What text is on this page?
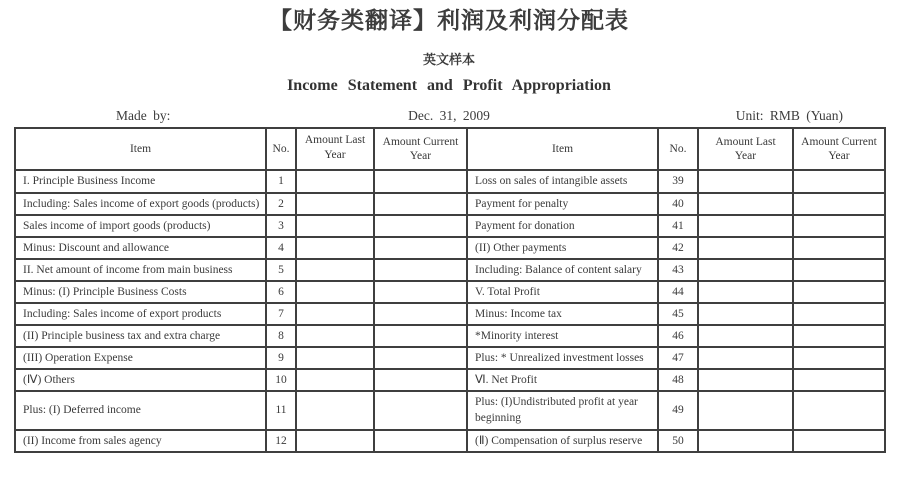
【财务类翻译】利润及利润分配表
英文样本
Income Statement and Profit Appropriation
Made by:	Dec. 31, 2009	Unit: RMB (Yuan)
Item	No.	Amount Last Year	Amount Current Year	Item	No.	Amount Last Year	Amount Current Year
I. Principle Business Income	1			Loss on sales of intangible assets	39		
Including: Sales income of export goods (products)	2			Payment for penalty	40		
Sales income of import goods (products)	3			Payment for donation	41		
Minus: Discount and allowance	4			(II) Other payments	42		
II. Net amount of income from main business	5			Including: Balance of content salary	43		
Minus: (I) Principle Business Costs	6			V. Total Profit	44		
Including: Sales income of export products	7			Minus: Income tax	45		
(II) Principle business tax and extra charge	8			*Minority interest	46		
(III) Operation Expense	9			Plus: * Unrealized investment losses	47		
(Ⅳ) Others	10			Ⅵ. Net Profit	48		
Plus: (I) Deferred income	11			Plus: (I)Undistributed profit at year beginning	49		
(II) Income from sales agency	12			(Ⅱ) Compensation of surplus reserve	50		
